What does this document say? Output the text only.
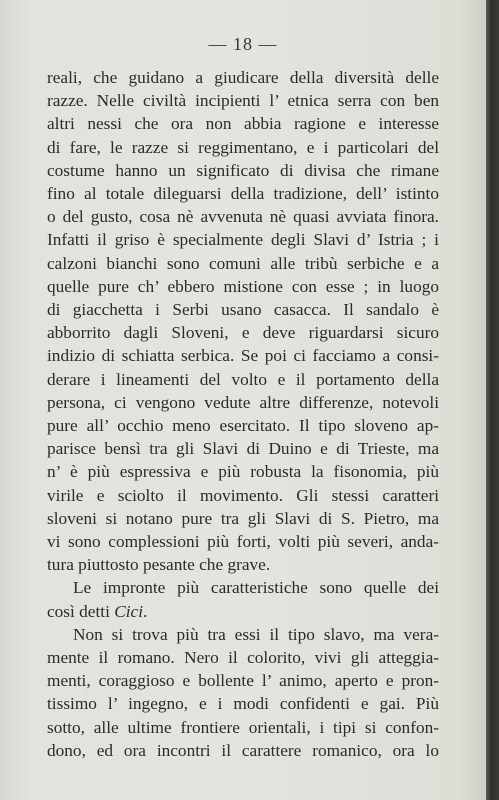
— 18 —
reali, che guidano a giudicare della diversità delle
razze. Nelle civiltà incipienti l’ etnica serra con ben
altri nessi che ora non abbia ragione e interesse
di fare, le razze si reggimentano, e i particolari del
costume hanno un significato di divisa che rimane
fino al totale dileguarsi della tradizione, dell’ istinto
o del gusto, cosa nè avvenuta nè quasi avviata finora.
Infatti il griso è specialmente degli Slavi d’ Istria ; i
calzoni bianchi sono comuni alle tribù serbiche e a
quelle pure ch’ ebbero mistione con esse ; in luogo
di giacchetta i Serbi usano casacca. Il sandalo è
abborrito dagli Sloveni, e deve riguardarsi sicuro
indizio di schiatta serbica. Se poi ci facciamo a consi-
derare i lineamenti del volto e il portamento della
persona, ci vengono vedute altre differenze, notevoli
pure all’ occhio meno esercitato. Il tipo sloveno ap-
parisce bensì tra gli Slavi di Duino e di Trieste, ma
n’ è più espressiva e più robusta la fisonomia, più
virile e sciolto il movimento. Gli stessi caratteri
sloveni si notano pure tra gli Slavi di S. Pietro, ma
vi sono complessioni più forti, volti più severi, anda-
tura piuttosto pesante che grave.
Le impronte più caratteristiche sono quelle dei
così detti Cici.
Non si trova più tra essi il tipo slavo, ma vera-
mente il romano. Nero il colorito, vivi gli atteggia-
menti, coraggioso e bollente l’ animo, aperto e pron-
tissimo l’ ingegno, e i modi confidenti e gai. Più
sotto, alle ultime frontiere orientali, i tipi si confon-
dono, ed ora incontri il carattere romanico, ora lo
